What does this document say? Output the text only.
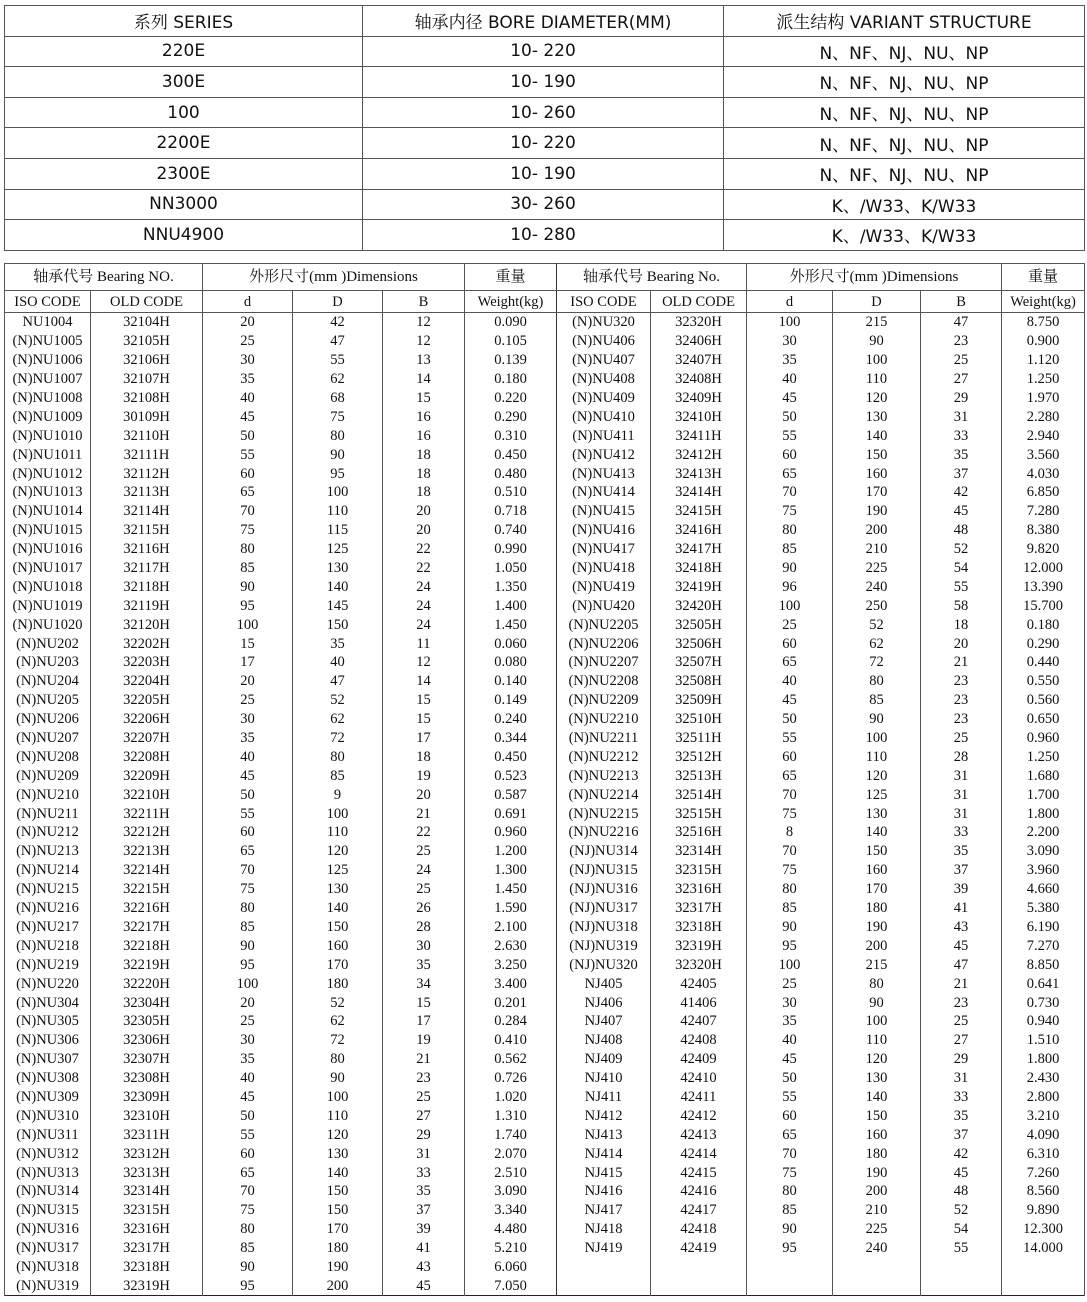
系列 SERIES	轴承内径 BORE DIAMETER(MM)	派生结构 VARIANT STRUCTURE
220E	10- 220	N、NF、NJ、NU、NP
300E	10- 190	N、NF、NJ、NU、NP
100	10- 260	N、NF、NJ、NU、NP
2200E	10- 220	N、NF、NJ、NU、NP
2300E	10- 190	N、NF、NJ、NU、NP
NN3000	30- 260	K、/W33、K/W33
NNU4900	10- 280	K、/W33、K/W33
轴承代号 Bearing NO.		外形尺寸(mm )Dimensions			重量	轴承代号 Bearing No.		外形尺寸(mm )Dimensions			重量
ISO CODE	OLD CODE	d	D	B	Weight(kg)	ISO CODE	OLD CODE	d	D	B	Weight(kg)
NU1004	32104H	20	42	12	0.090	(N)NU320	32320H	100	215	47	8.750
(N)NU1005	32105H	25	47	12	0.105	(N)NU406	32406H	30	90	23	0.900
(N)NU1006	32106H	30	55	13	0.139	(N)NU407	32407H	35	100	25	1.120
(N)NU1007	32107H	35	62	14	0.180	(N)NU408	32408H	40	110	27	1.250
(N)NU1008	32108H	40	68	15	0.220	(N)NU409	32409H	45	120	29	1.970
(N)NU1009	30109H	45	75	16	0.290	(N)NU410	32410H	50	130	31	2.280
(N)NU1010	32110H	50	80	16	0.310	(N)NU411	32411H	55	140	33	2.940
(N)NU1011	32111H	55	90	18	0.450	(N)NU412	32412H	60	150	35	3.560
(N)NU1012	32112H	60	95	18	0.480	(N)NU413	32413H	65	160	37	4.030
(N)NU1013	32113H	65	100	18	0.510	(N)NU414	32414H	70	170	42	6.850
(N)NU1014	32114H	70	110	20	0.718	(N)NU415	32415H	75	190	45	7.280
(N)NU1015	32115H	75	115	20	0.740	(N)NU416	32416H	80	200	48	8.380
(N)NU1016	32116H	80	125	22	0.990	(N)NU417	32417H	85	210	52	9.820
(N)NU1017	32117H	85	130	22	1.050	(N)NU418	32418H	90	225	54	12.000
(N)NU1018	32118H	90	140	24	1.350	(N)NU419	32419H	96	240	55	13.390
(N)NU1019	32119H	95	145	24	1.400	(N)NU420	32420H	100	250	58	15.700
(N)NU1020	32120H	100	150	24	1.450	(N)NU2205	32505H	25	52	18	0.180
(N)NU202	32202H	15	35	11	0.060	(N)NU2206	32506H	60	62	20	0.290
(N)NU203	32203H	17	40	12	0.080	(N)NU2207	32507H	65	72	21	0.440
(N)NU204	32204H	20	47	14	0.140	(N)NU2208	32508H	40	80	23	0.550
(N)NU205	32205H	25	52	15	0.149	(N)NU2209	32509H	45	85	23	0.560
(N)NU206	32206H	30	62	15	0.240	(N)NU2210	32510H	50	90	23	0.650
(N)NU207	32207H	35	72	17	0.344	(N)NU2211	32511H	55	100	25	0.960
(N)NU208	32208H	40	80	18	0.450	(N)NU2212	32512H	60	110	28	1.250
(N)NU209	32209H	45	85	19	0.523	(N)NU2213	32513H	65	120	31	1.680
(N)NU210	32210H	50	9	20	0.587	(N)NU2214	32514H	70	125	31	1.700
(N)NU211	32211H	55	100	21	0.691	(N)NU2215	32515H	75	130	31	1.800
(N)NU212	32212H	60	110	22	0.960	(N)NU2216	32516H	8	140	33	2.200
(N)NU213	32213H	65	120	25	1.200	(NJ)NU314	32314H	70	150	35	3.090
(N)NU214	32214H	70	125	24	1.300	(NJ)NU315	32315H	75	160	37	3.960
(N)NU215	32215H	75	130	25	1.450	(NJ)NU316	32316H	80	170	39	4.660
(N)NU216	32216H	80	140	26	1.590	(NJ)NU317	32317H	85	180	41	5.380
(N)NU217	32217H	85	150	28	2.100	(NJ)NU318	32318H	90	190	43	6.190
(N)NU218	32218H	90	160	30	2.630	(NJ)NU319	32319H	95	200	45	7.270
(N)NU219	32219H	95	170	35	3.250	(NJ)NU320	32320H	100	215	47	8.850
(N)NU220	32220H	100	180	34	3.400	NJ405	42405	25	80	21	0.641
(N)NU304	32304H	20	52	15	0.201	NJ406	41406	30	90	23	0.730
(N)NU305	32305H	25	62	17	0.284	NJ407	42407	35	100	25	0.940
(N)NU306	32306H	30	72	19	0.410	NJ408	42408	40	110	27	1.510
(N)NU307	32307H	35	80	21	0.562	NJ409	42409	45	120	29	1.800
(N)NU308	32308H	40	90	23	0.726	NJ410	42410	50	130	31	2.430
(N)NU309	32309H	45	100	25	1.020	NJ411	42411	55	140	33	2.800
(N)NU310	32310H	50	110	27	1.310	NJ412	42412	60	150	35	3.210
(N)NU311	32311H	55	120	29	1.740	NJ413	42413	65	160	37	4.090
(N)NU312	32312H	60	130	31	2.070	NJ414	42414	70	180	42	6.310
(N)NU313	32313H	65	140	33	2.510	NJ415	42415	75	190	45	7.260
(N)NU314	32314H	70	150	35	3.090	NJ416	42416	80	200	48	8.560
(N)NU315	32315H	75	150	37	3.340	NJ417	42417	85	210	52	9.890
(N)NU316	32316H	80	170	39	4.480	NJ418	42418	90	225	54	12.300
(N)NU317	32317H	85	180	41	5.210	NJ419	42419	95	240	55	14.000
(N)NU318	32318H	90	190	43	6.060						
(N)NU319	32319H	95	200	45	7.050						
